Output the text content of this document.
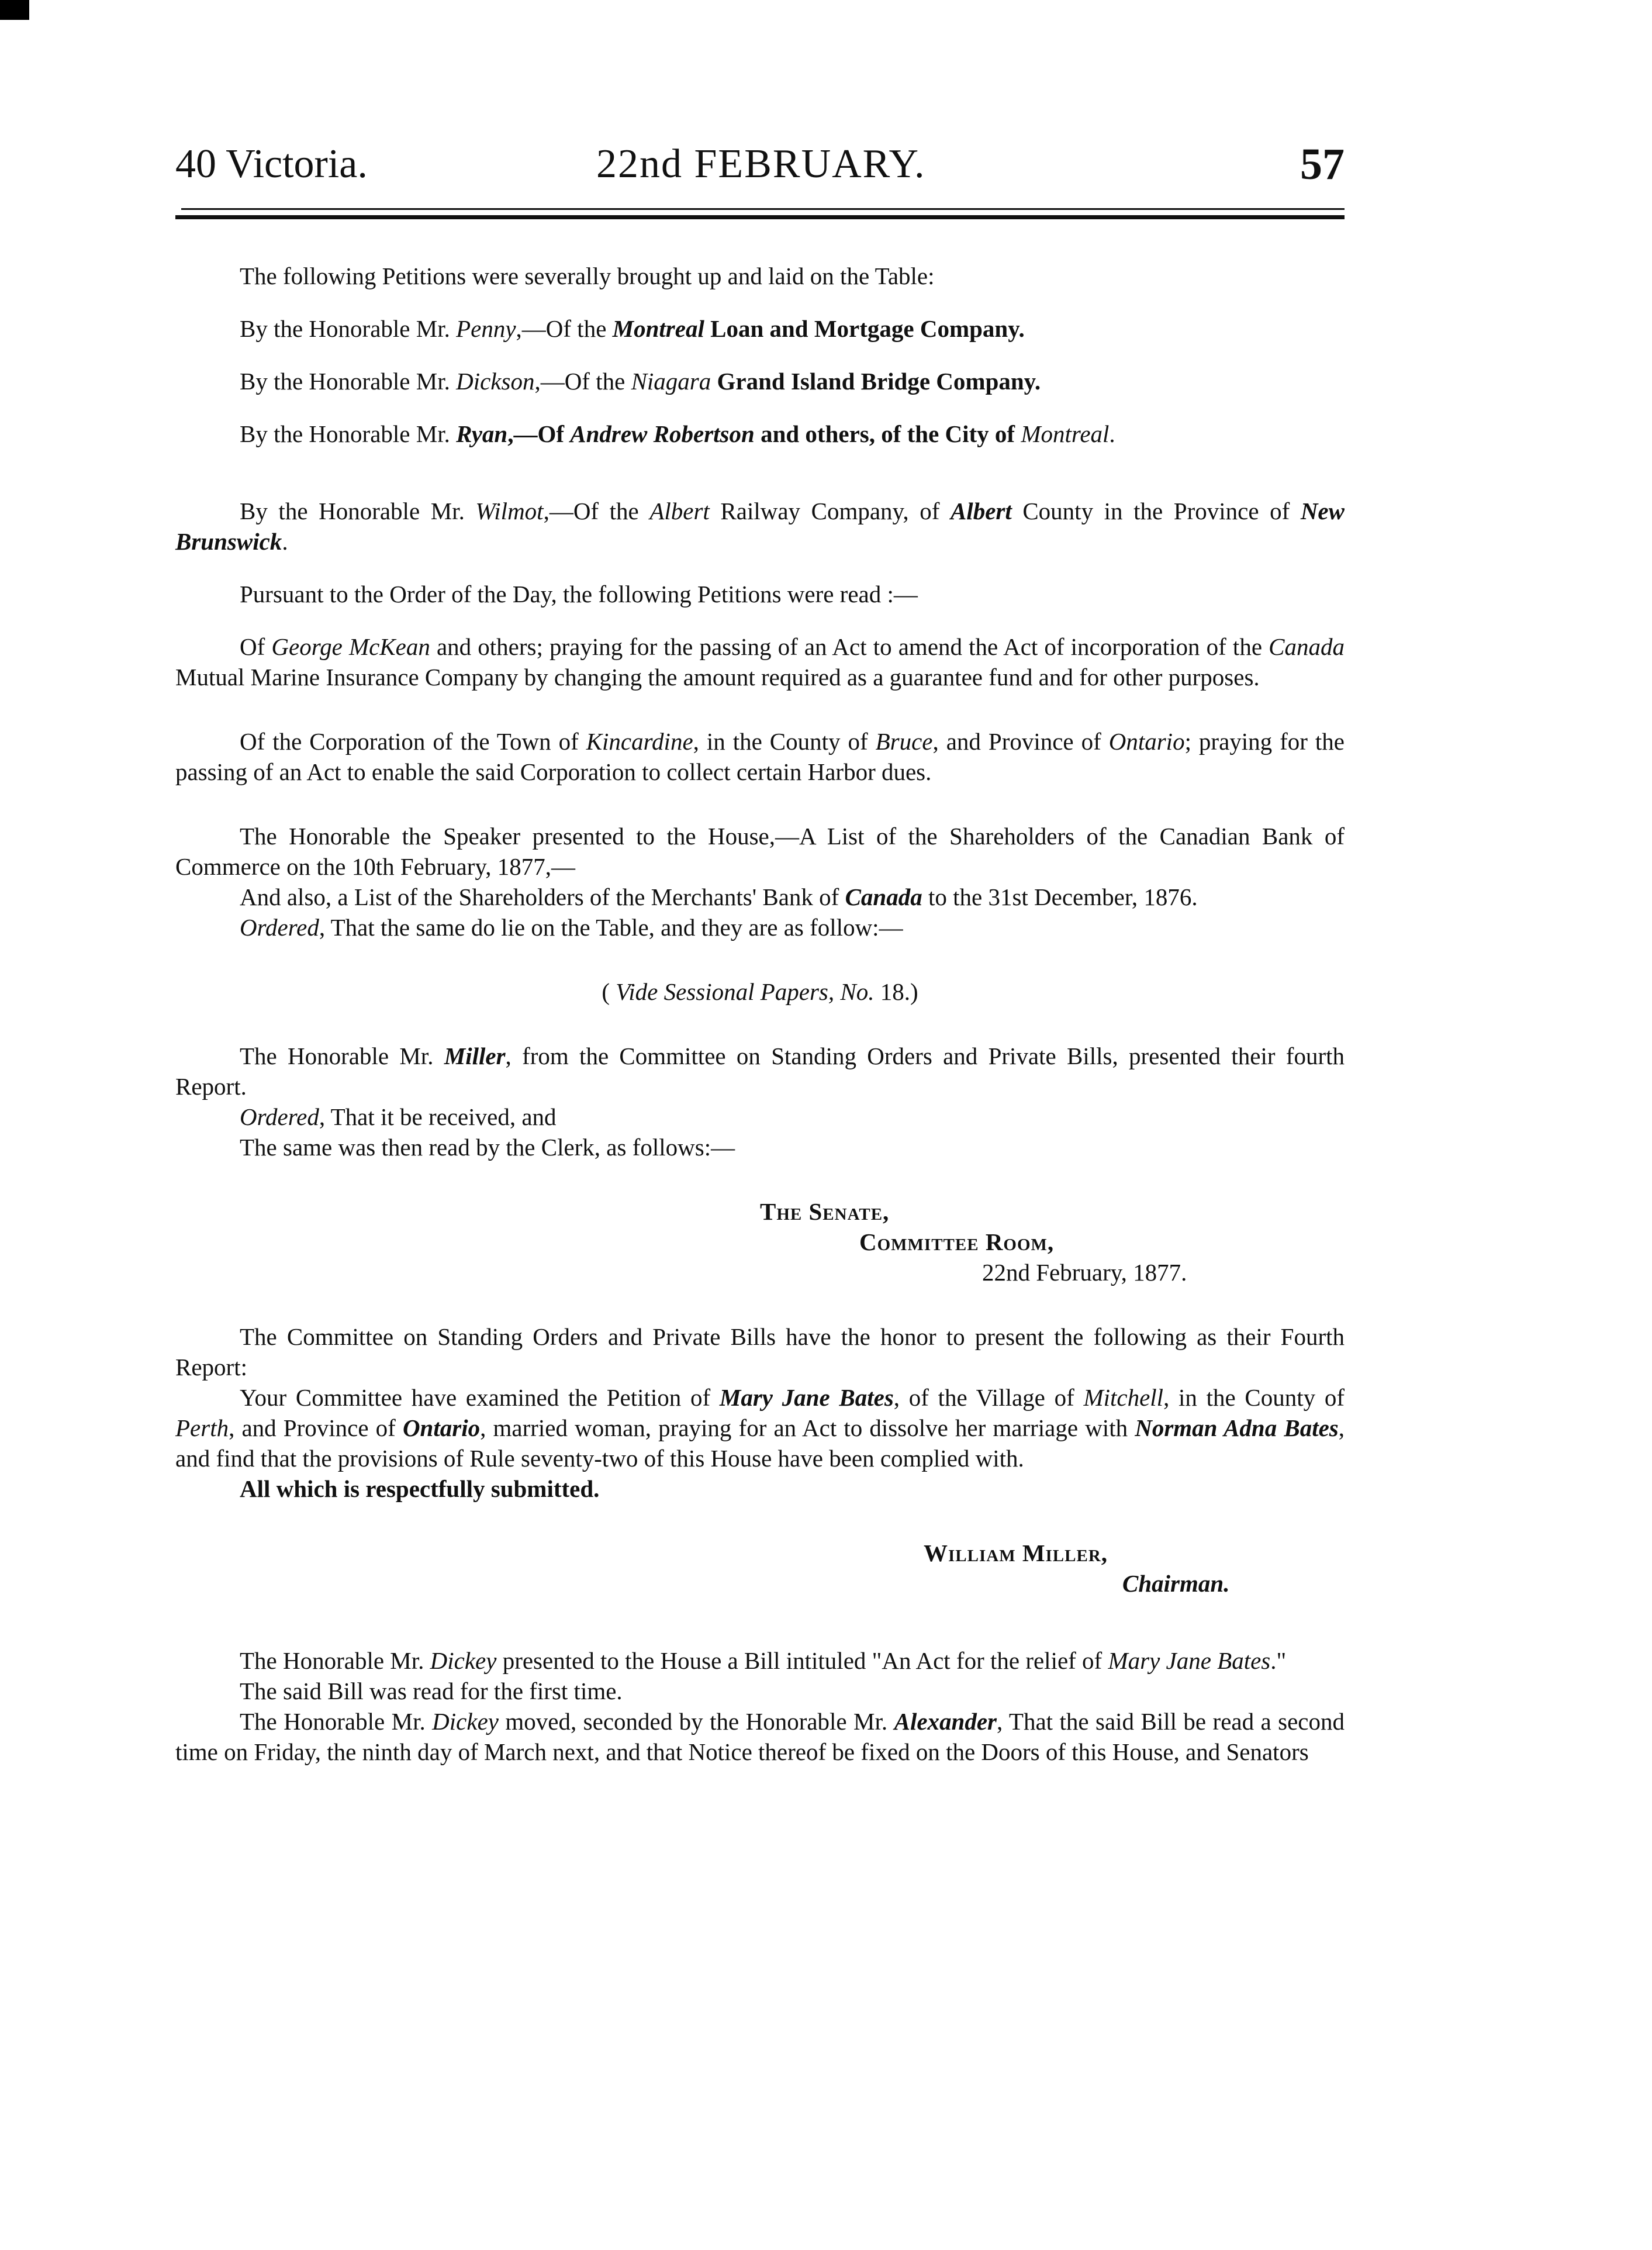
40 Victoria.	22nd FEBRUARY.	57

The following Petitions were severally brought up and laid on the Table:

By the Honorable Mr. Penny,—Of the Montreal Loan and Mortgage Company.

By the Honorable Mr. Dickson,—Of the Niagara Grand Island Bridge Company.

By the Honorable Mr. Ryan,—Of Andrew Robertson and others, of the City of Montreal.

By the Honorable Mr. Wilmot,—Of the Albert Railway Company, of Albert County in the Province of New Brunswick.

Pursuant to the Order of the Day, the following Petitions were read :—

Of George McKean and others; praying for the passing of an Act to amend the Act of incorporation of the Canada Mutual Marine Insurance Company by changing the amount required as a guarantee fund and for other purposes.

Of the Corporation of the Town of Kincardine, in the County of Bruce, and Province of Ontario; praying for the passing of an Act to enable the said Corporation to collect certain Harbor dues.

The Honorable the Speaker presented to the House,—A List of the Shareholders of the Canadian Bank of Commerce on the 10th February, 1877,—

And also, a List of the Shareholders of the Merchants' Bank of Canada to the 31st December, 1876.

Ordered, That the same do lie on the Table, and they are as follow:—

( Vide Sessional Papers, No. 18.)

The Honorable Mr. Miller, from the Committee on Standing Orders and Private Bills, presented their fourth Report.

Ordered, That it be received, and

The same was then read by the Clerk, as follows:—

The Senate,

Committee Room,

22nd February, 1877.

The Committee on Standing Orders and Private Bills have the honor to present the following as their Fourth Report:

Your Committee have examined the Petition of Mary Jane Bates, of the Village of Mitchell, in the County of Perth, and Province of Ontario, married woman, praying for an Act to dissolve her marriage with Norman Adna Bates, and find that the provisions of Rule seventy-two of this House have been complied with.

All which is respectfully submitted.

William Miller,

Chairman.

The Honorable Mr. Dickey presented to the House a Bill intituled "An Act for the relief of Mary Jane Bates."

The said Bill was read for the first time.

The Honorable Mr. Dickey moved, seconded by the Honorable Mr. Alexander, That the said Bill be read a second time on Friday, the ninth day of March next, and that Notice thereof be fixed on the Doors of this House, and Senators
